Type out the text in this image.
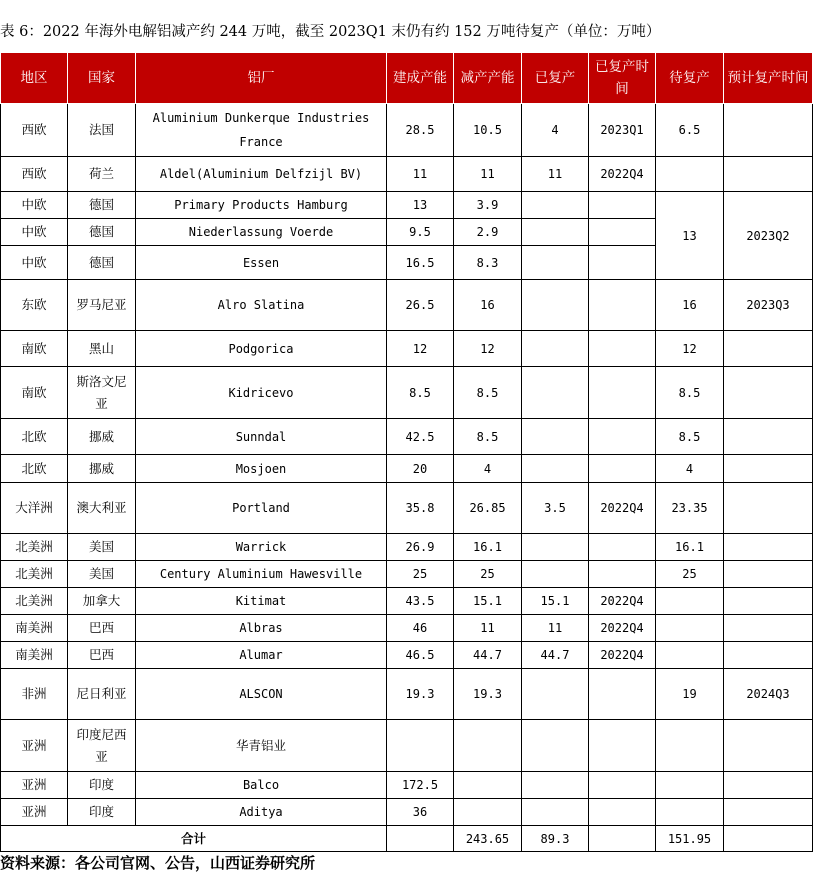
表 6：2022 年海外电解铝减产约 244 万吨，截至 2023Q1 末仍有约 152 万吨待复产（单位：万吨）
地区	国家	铝厂	建成产能	减产产能	已复产	已复产时间	待复产	预计复产时间
西欧	法国	Aluminium Dunkerque Industries France	28.5	10.5	4	2023Q1	6.5	
西欧	荷兰	Aldel(Aluminium Delfzijl BV)	11	11	11	2022Q4		
中欧	德国	Primary Products Hamburg	13	3.9			13	2023Q2
中欧	德国	Niederlassung Voerde	9.5	2.9				
中欧	德国	Essen	16.5	8.3				
东欧	罗马尼亚	Alro Slatina	26.5	16			16	2023Q3
南欧	黑山	Podgorica	12	12			12	
南欧	斯洛文尼亚	Kidricevo	8.5	8.5			8.5	
北欧	挪威	Sunndal	42.5	8.5			8.5	
北欧	挪威	Mosjoen	20	4			4	
大洋洲	澳大利亚	Portland	35.8	26.85	3.5	2022Q4	23.35	
北美洲	美国	Warrick	26.9	16.1			16.1	
北美洲	美国	Century Aluminium Hawesville	25	25			25	
北美洲	加拿大	Kitimat	43.5	15.1	15.1	2022Q4		
南美洲	巴西	Albras	46	11	11	2022Q4		
南美洲	巴西	Alumar	46.5	44.7	44.7	2022Q4		
非洲	尼日利亚	ALSCON	19.3	19.3			19	2024Q3
亚洲	印度尼西亚	华青铝业						
亚洲	印度	Balco	172.5					
亚洲	印度	Aditya	36					
合计				243.65	89.3		151.95	
资料来源：各公司官网、公告，山西证券研究所
